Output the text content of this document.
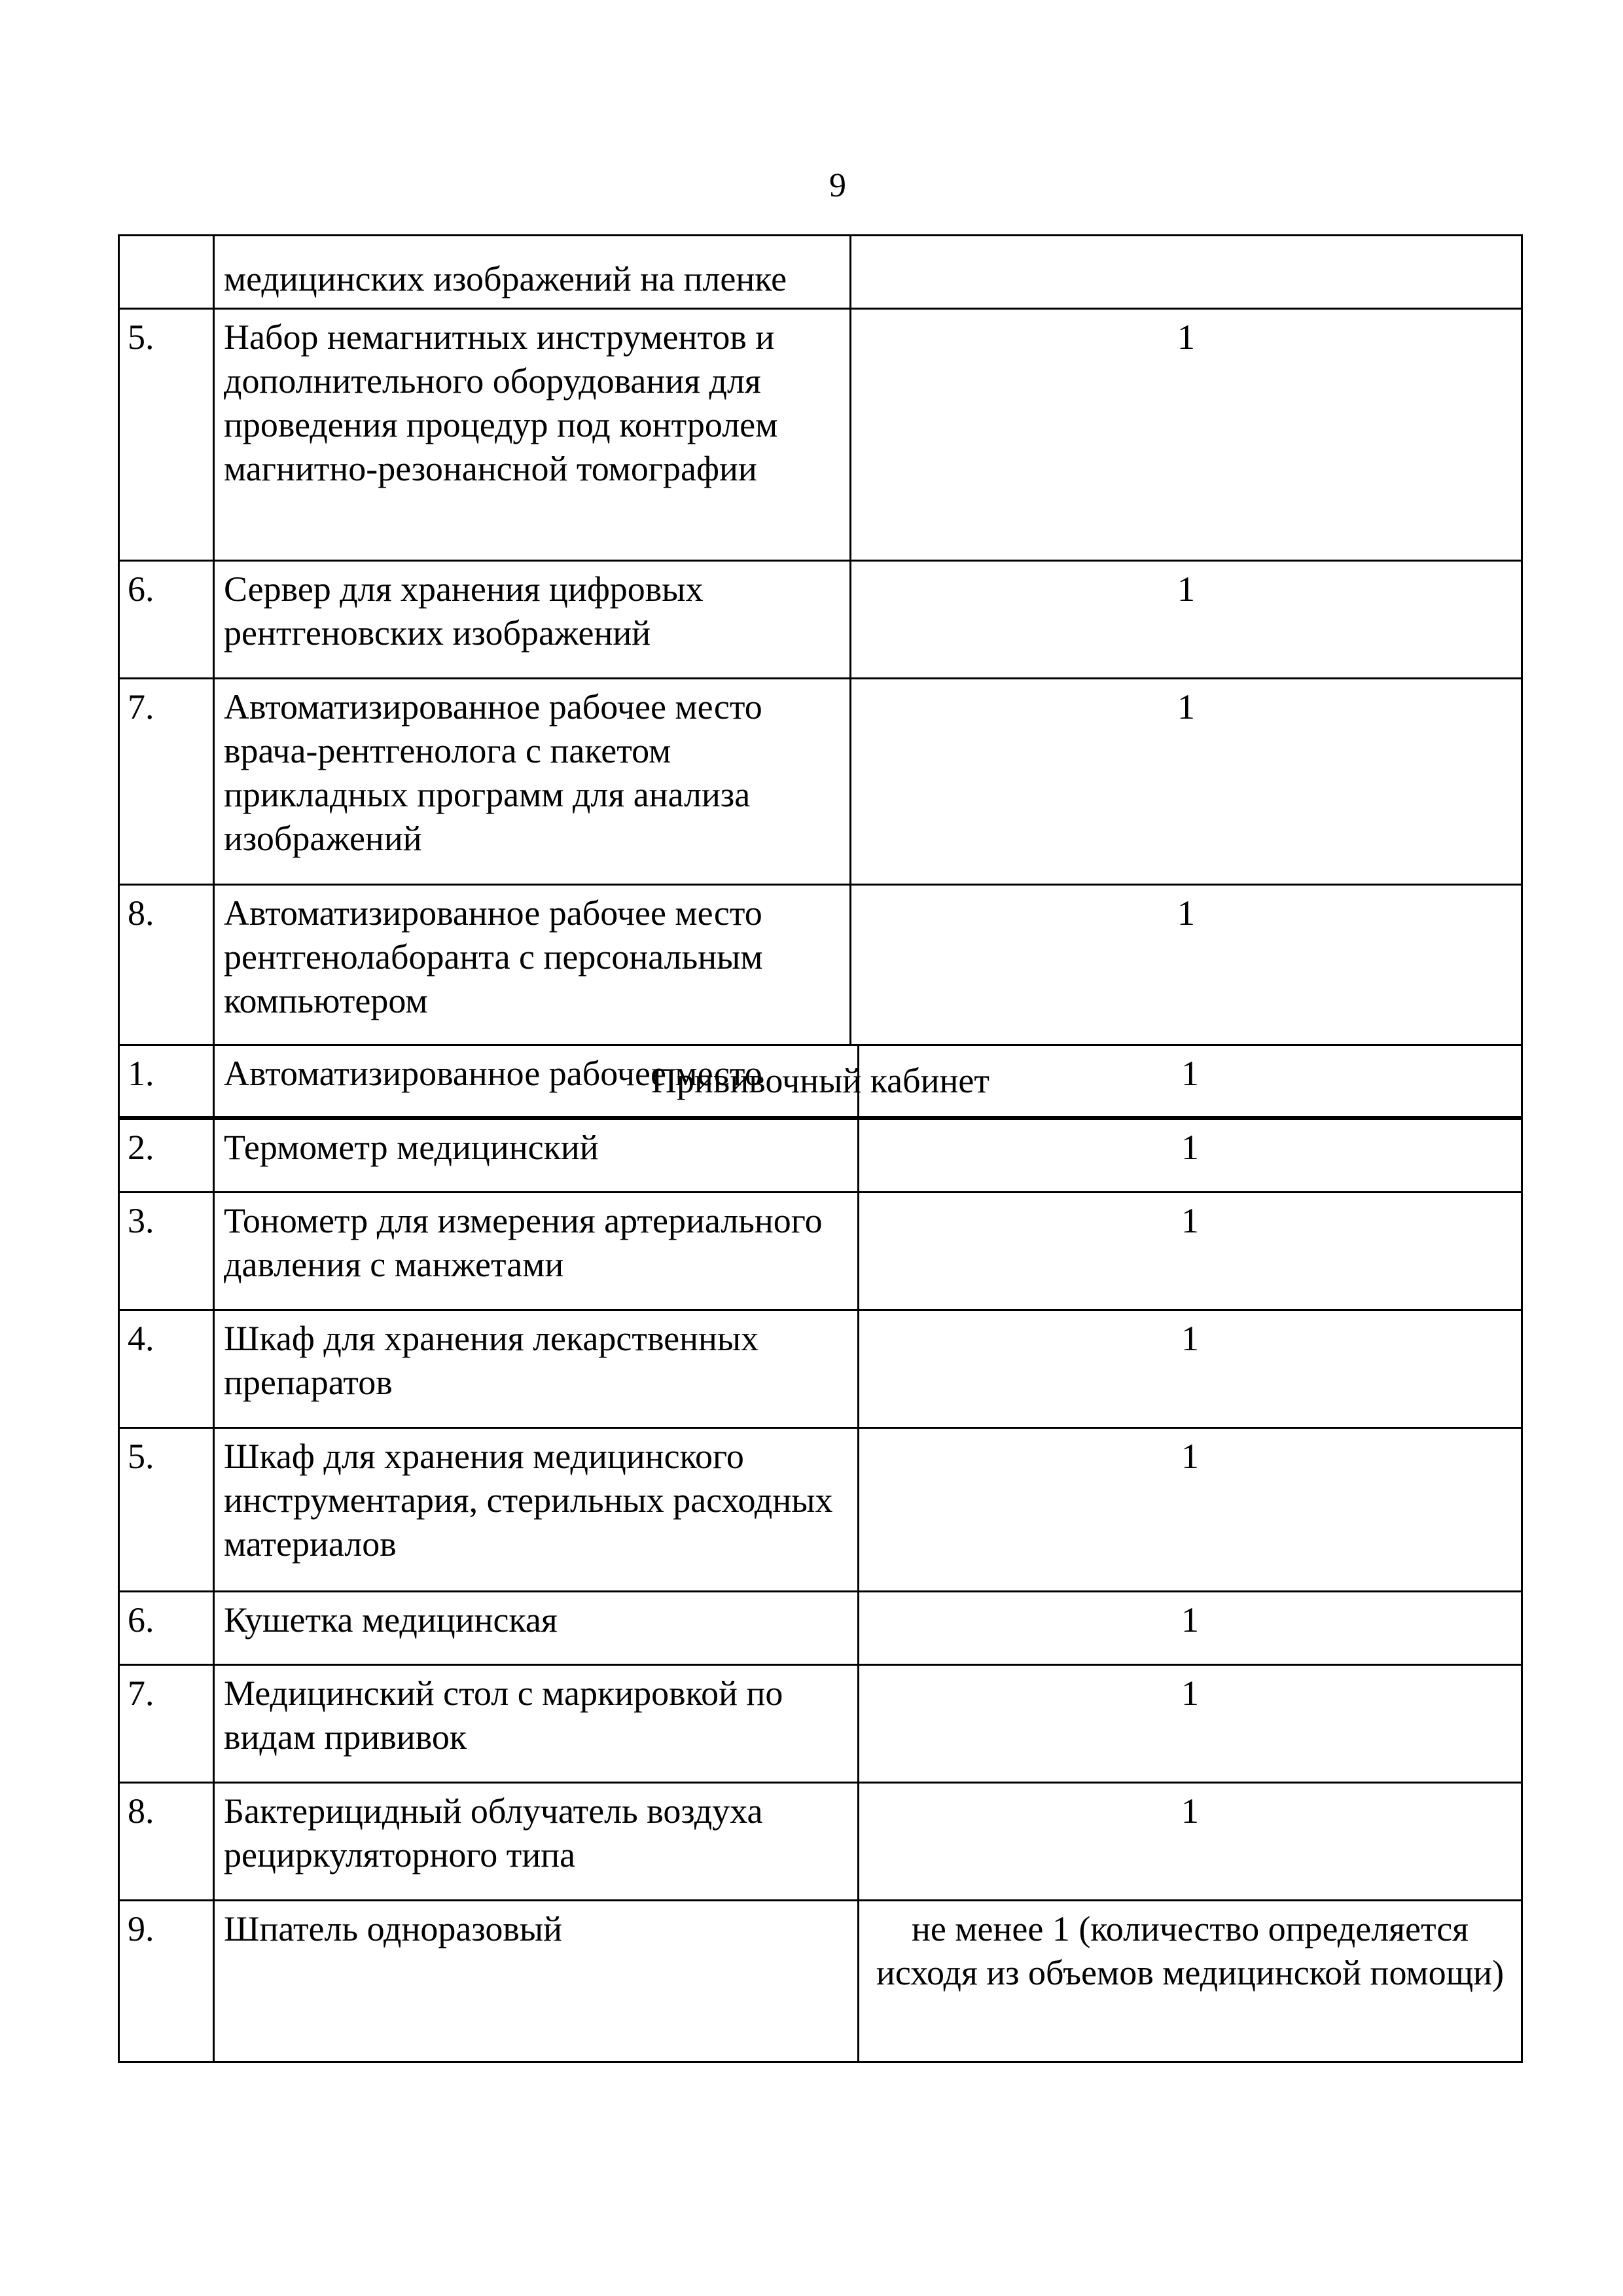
9
	медицинских изображений на пленке	
5.	Набор немагнитных инструментов и дополнительного оборудования для проведения процедур под контролем магнитно-резонансной томографии	1
6.	Сервер для хранения цифровых рентгеновских изображений	1
7.	Автоматизированное рабочее место врача-рентгенолога с пакетом прикладных программ для анализа изображений	1
8.	Автоматизированное рабочее место рентгенолаборанта с персональным компьютером	1
Прививочный кабинет		
1.	Автоматизированное рабочее место	1
2.	Термометр медицинский	1
3.	Тонометр для измерения артериального давления с манжетами	1
4.	Шкаф для хранения лекарственных препаратов	1
5.	Шкаф для хранения медицинского инструментария, стерильных расходных материалов	1
6.	Кушетка медицинская	1
7.	Медицинский стол с маркировкой по видам прививок	1
8.	Бактерицидный облучатель воздуха рециркуляторного типа	1
9.	Шпатель одноразовый	не менее 1 (количество определяется исходя из объемов медицинской помощи)
